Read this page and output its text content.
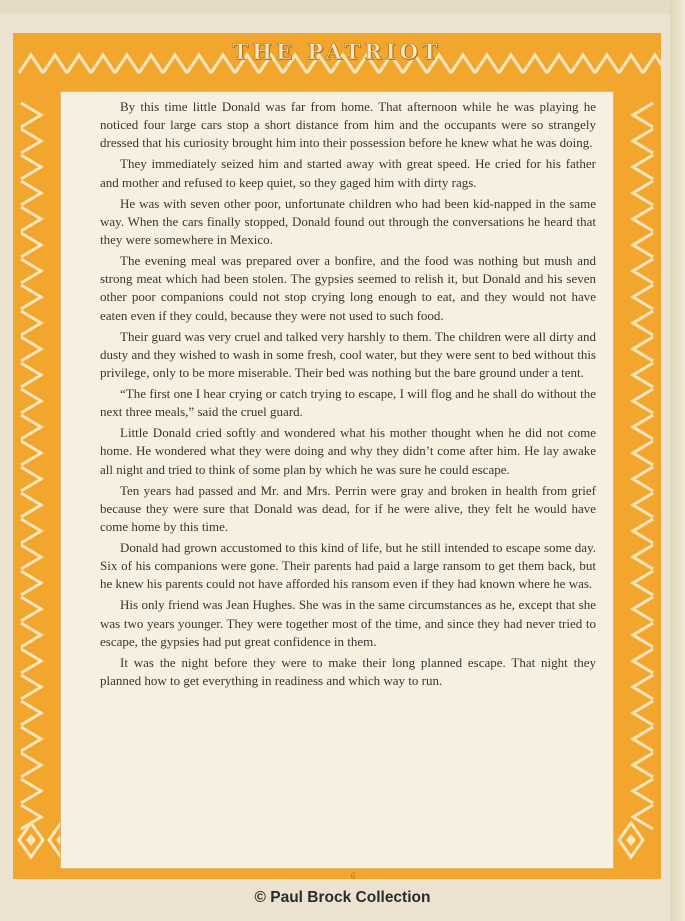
THE PATRIOT
6

By this time little Donald was far from home. That afternoon while he was playing he noticed four large cars stop a short distance from him and the occupants were so strangely dressed that his curiosity brought him into their possession before he knew what he was doing.

They immediately seized him and started away with great speed. He cried for his father and mother and refused to keep quiet, so they gaged him with dirty rags.

He was with seven other poor, unfortunate children who had been kid-napped in the same way. When the cars finally stopped, Donald found out through the conversations he heard that they were somewhere in Mexico.

The evening meal was prepared over a bonfire, and the food was nothing but mush and strong meat which had been stolen. The gypsies seemed to relish it, but Donald and his seven other poor companions could not stop crying long enough to eat, and they would not have eaten even if they could, because they were not used to such food.

Their guard was very cruel and talked very harshly to them. The children were all dirty and dusty and they wished to wash in some fresh, cool water, but they were sent to bed without this privilege, only to be more miserable. Their bed was nothing but the bare ground under a tent.

“The first one I hear crying or catch trying to escape, I will flog and he shall do without the next three meals,” said the cruel guard.

Little Donald cried softly and wondered what his mother thought when he did not come home. He wondered what they were doing and why they didn’t come after him. He lay awake all night and tried to think of some plan by which he was sure he could escape.

Ten years had passed and Mr. and Mrs. Perrin were gray and broken in health from grief because they were sure that Donald was dead, for if he were alive, they felt he would have come home by this time.

Donald had grown accustomed to this kind of life, but he still intended to escape some day. Six of his companions were gone. Their parents had paid a large ransom to get them back, but he knew his parents could not have afforded his ransom even if they had known where he was.

His only friend was Jean Hughes. She was in the same circumstances as he, except that she was two years younger. They were together most of the time, and since they had never tried to escape, the gypsies had put great confidence in them.

It was the night before they were to make their long planned escape. That night they planned how to get everything in readiness and which way to run.

© Paul Brock Collection
